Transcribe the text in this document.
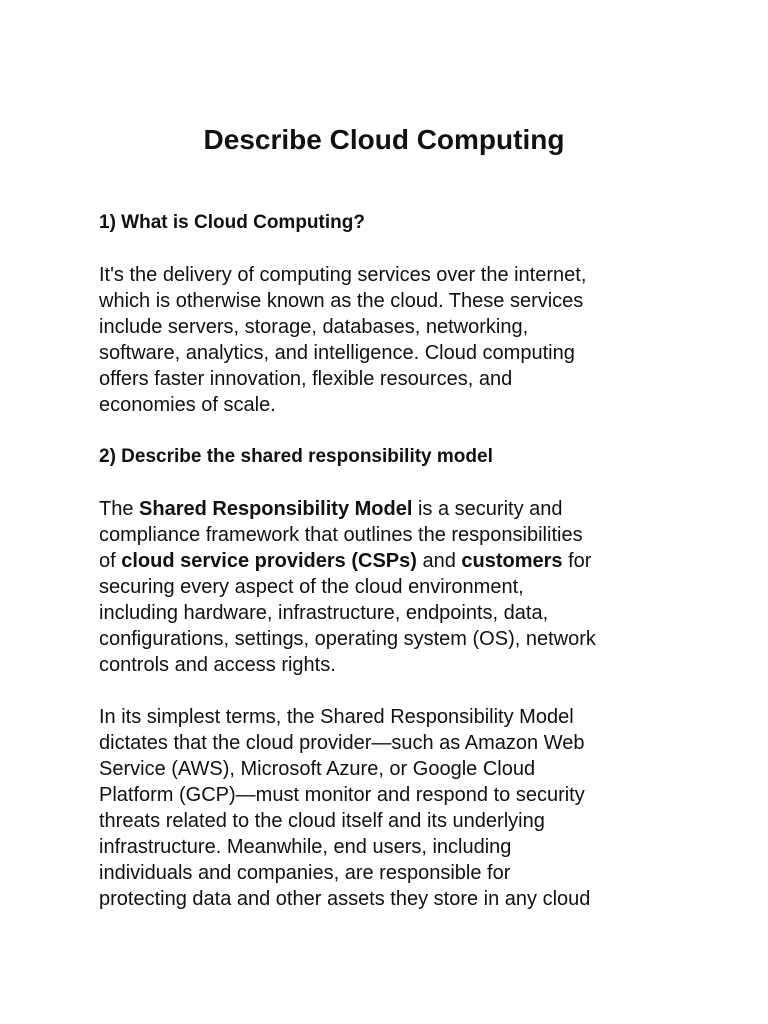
Describe Cloud Computing
1) What is Cloud Computing?

It's the delivery of computing services over the internet,
which is otherwise known as the cloud. These services
include servers, storage, databases, networking,
software, analytics, and intelligence. Cloud computing
offers faster innovation, flexible resources, and
economies of scale.

2) Describe the shared responsibility model

The Shared Responsibility Model is a security and
compliance framework that outlines the responsibilities
of cloud service providers (CSPs) and customers for
securing every aspect of the cloud environment,
including hardware, infrastructure, endpoints, data,
configurations, settings, operating system (OS), network
controls and access rights.

In its simplest terms, the Shared Responsibility Model
dictates that the cloud provider—such as Amazon Web
Service (AWS), Microsoft Azure, or Google Cloud
Platform (GCP)—must monitor and respond to security
threats related to the cloud itself and its underlying
infrastructure. Meanwhile, end users, including
individuals and companies, are responsible for
protecting data and other assets they store in any cloud
